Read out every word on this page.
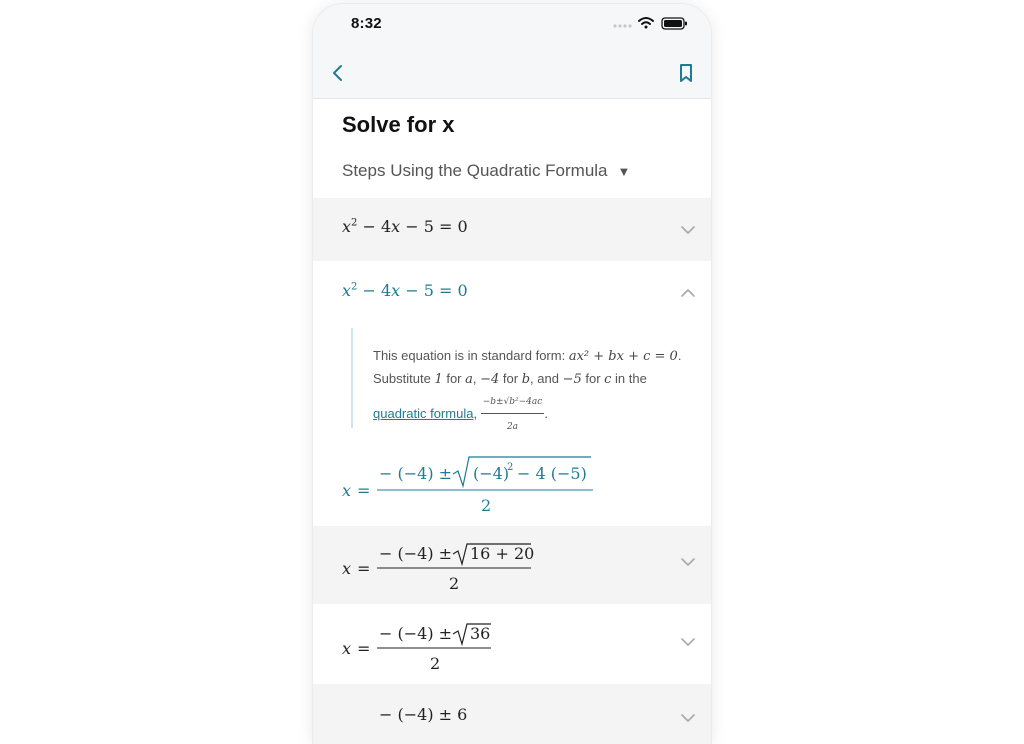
8:32
Solve for x
Steps Using the Quadratic Formula ▼
$x^2 - 4x - 5 = 0$
$x^2 - 4x - 5 = 0$
This equation is in standard form: ax² + bx + c = 0. Substitute 1 for a, −4 for b, and −5 for c in the quadratic formula, $\frac{\text{−b±√b²−4ac}}{2a}$ .
x =
− (−4) ± (−4)
2 − 4 (−5)
2
x =
− (−4) ± 16 + 20
2
x =
− (−4) ± 36
2
− (−4) ± 6
